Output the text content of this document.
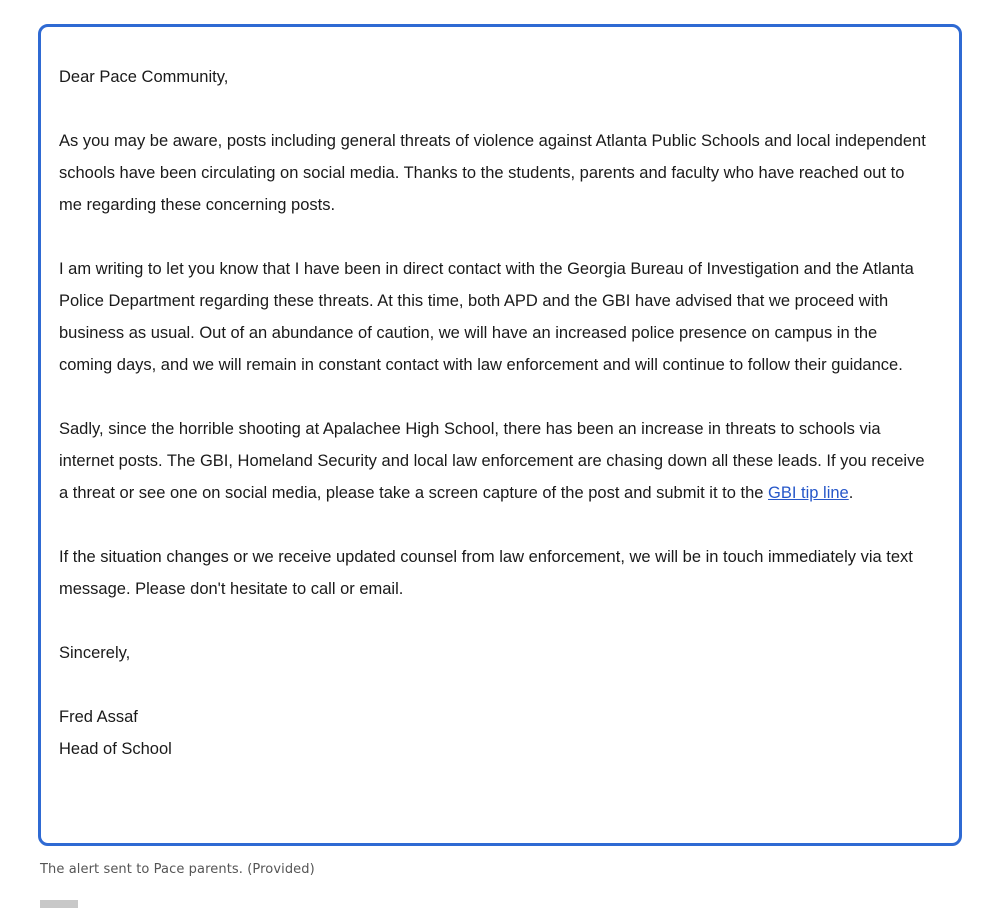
Dear Pace Community,

As you may be aware, posts including general threats of violence against Atlanta Public Schools and local independent schools have been circulating on social media. Thanks to the students, parents and faculty who have reached out to me regarding these concerning posts.

I am writing to let you know that I have been in direct contact with the Georgia Bureau of Investigation and the Atlanta Police Department regarding these threats. At this time, both APD and the GBI have advised that we proceed with business as usual. Out of an abundance of caution, we will have an increased police presence on campus in the coming days, and we will remain in constant contact with law enforcement and will continue to follow their guidance.

Sadly, since the horrible shooting at Apalachee High School, there has been an increase in threats to schools via internet posts. The GBI, Homeland Security and local law enforcement are chasing down all these leads. If you receive a threat or see one on social media, please take a screen capture of the post and submit it to the GBI tip line.

If the situation changes or we receive updated counsel from law enforcement, we will be in touch immediately via text message. Please don't hesitate to call or email.

Sincerely,

Fred Assaf

Head of School

The alert sent to Pace parents. (Provided)
